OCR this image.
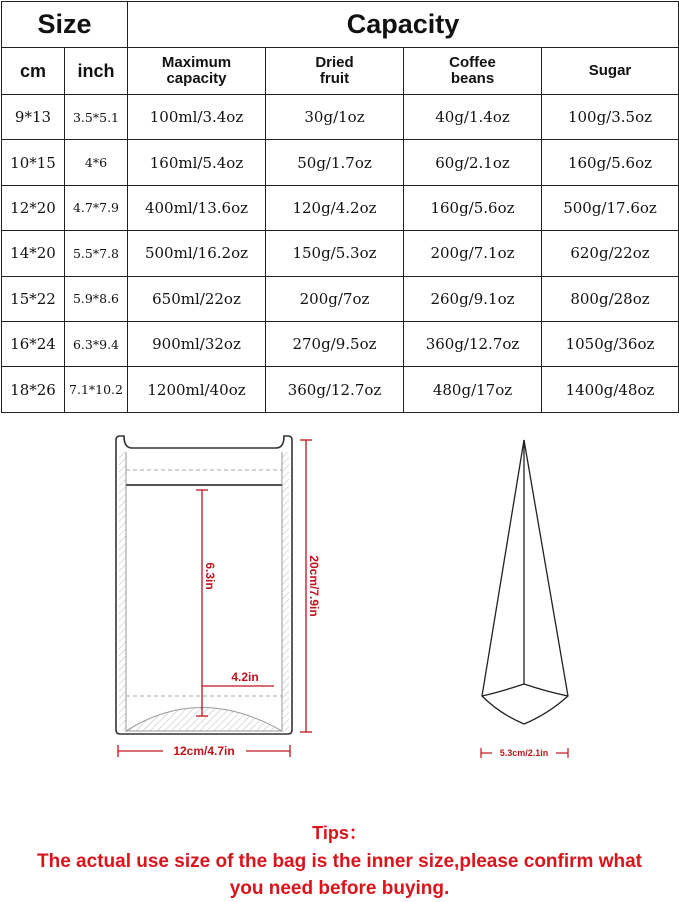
Size		Capacity			
cm	inch	Maximum capacity	Dried fruit	Coffee beans	Sugar
9*13	3.5*5.1	100ml/3.4oz	30g/1oz	40g/1.4oz	100g/3.5oz
10*15	4*6	160ml/5.4oz	50g/1.7oz	60g/2.1oz	160g/5.6oz
12*20	4.7*7.9	400ml/13.6oz	120g/4.2oz	160g/5.6oz	500g/17.6oz
14*20	5.5*7.8	500ml/16.2oz	150g/5.3oz	200g/7.1oz	620g/22oz
15*22	5.9*8.6	650ml/22oz	200g/7oz	260g/9.1oz	800g/28oz
16*24	6.3*9.4	900ml/32oz	270g/9.5oz	360g/12.7oz	1050g/36oz
18*26	7.1*10.2	1200ml/40oz	360g/12.7oz	480g/17oz	1400g/48oz
6.3in
4.2in
20cm/7.9in
12cm/4.7in	5.3cm/2.1in
Tips：
The actual use size of the bag is the inner size,please confirm what you need before buying.
